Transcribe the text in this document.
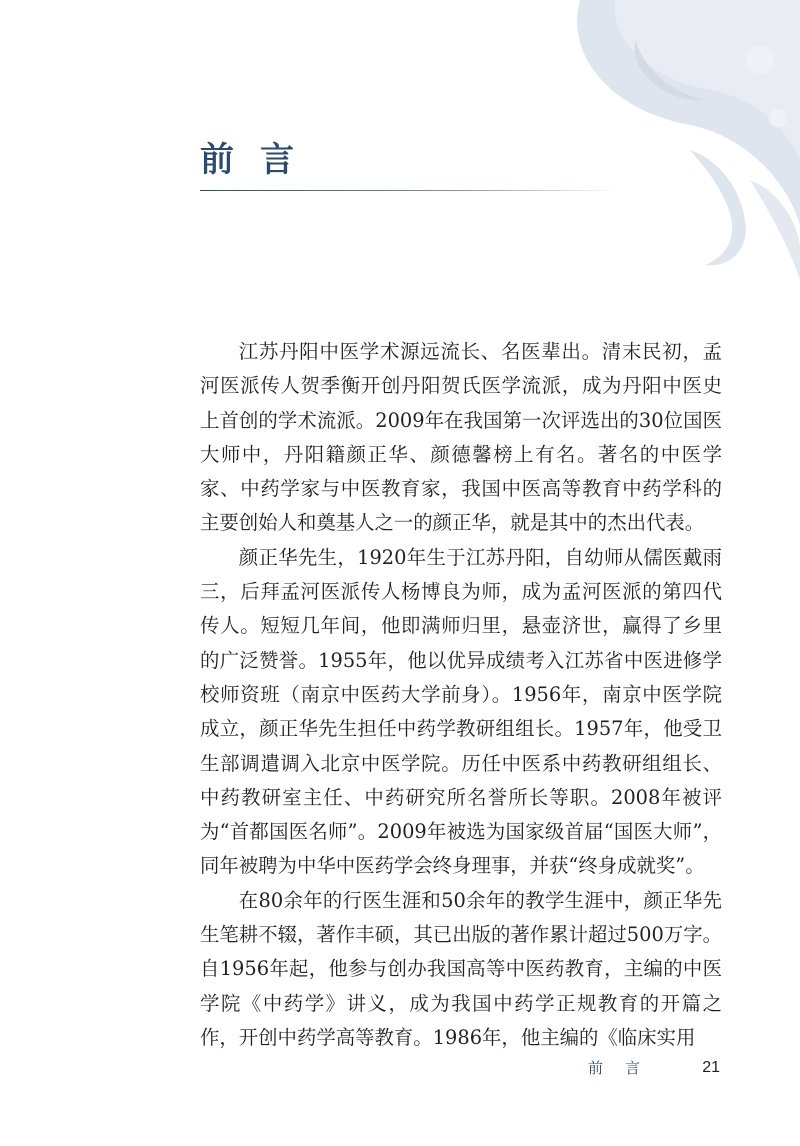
前言

江苏丹阳中医学术源远流长、名医辈出。清末民初，孟河医派传人贺季衡开创丹阳贺氏医学流派，成为丹阳中医史上首创的学术流派。2009年在我国第一次评选出的30位国医大师中，丹阳籍颜正华、颜德馨榜上有名。著名的中医学家、中药学家与中医教育家，我国中医高等教育中药学科的主要创始人和奠基人之一的颜正华，就是其中的杰出代表。

颜正华先生，1920年生于江苏丹阳，自幼师从儒医戴雨三，后拜孟河医派传人杨博良为师，成为孟河医派的第四代传人。短短几年间，他即满师归里，悬壶济世，赢得了乡里的广泛赞誉。1955年，他以优异成绩考入江苏省中医进修学校师资班（南京中医药大学前身）。1956年，南京中医学院成立，颜正华先生担任中药学教研组组长。1957年，他受卫生部调遣调入北京中医学院。历任中医系中药教研组组长、中药教研室主任、中药研究所名誉所长等职。2008年被评为“首都国医名师”。2009年被选为国家级首届“国医大师”，同年被聘为中华中医药学会终身理事，并获“终身成就奖”。

在80余年的行医生涯和50余年的教学生涯中，颜正华先生笔耕不辍，著作丰硕，其已出版的著作累计超过500万字。自1956年起，他参与创办我国高等中医药教育，主编的中医学院《中药学》讲义，成为我国中药学正规教育的开篇之作，开创中药学高等教育。1986年，他主编的《临床实用

前言	21
